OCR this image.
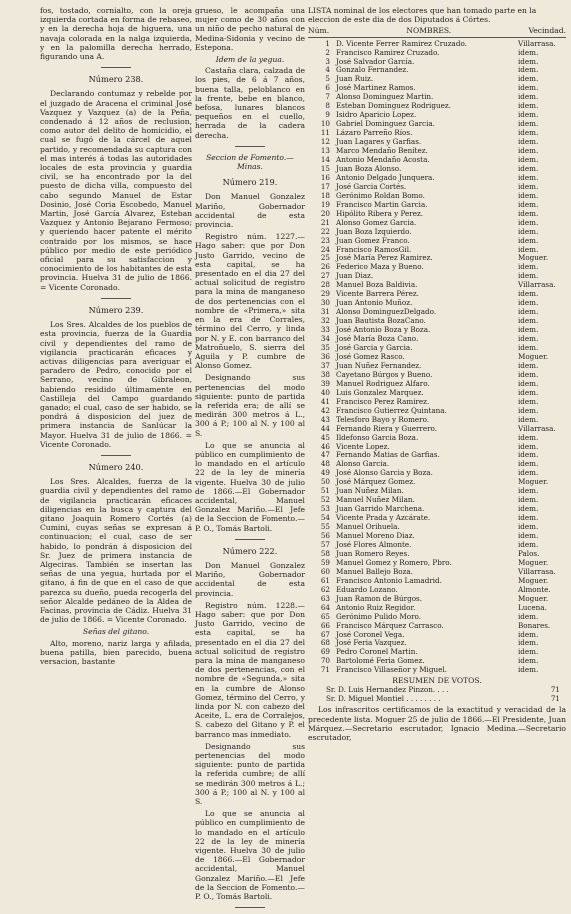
fos, tostado, cornialto, con la oreja izquierda cortada en forma de rebaseo, y en la derecha hoja de higuera, una navaja colorada en la nalga izquierda, y en la palomilla derecha herrado, figurando una A.

Número 238.

Declarando contumaz y rebelde por el juzgado de Aracena el criminal José Vazquez y Vazquez (a) de la Peña, condenado á 12 años de reclusion, como autor del delito de homicidio, el cual se fugó de la cárcel de aquel partido, y recomendada su captura con el mas interés á todas las autoridades locales de esta provincia y guardia civil, se ha encontrado por la del puesto de dicha villa, compuesto del cabo segundo Manuel de Estar Dosinio, José Coria Escobedo, Manuel Martin, José García Alvarez, Esteban Vazquez y Antonio Bejarano Fermoso; y queriendo hacer patente el mérito contraido por los mismos, se hace público por medio de este periódico oficial para su satisfaccion y conocimiento de los habitantes de esta provincia. Huelva 31 de julio de 1866. = Vicente Coronado.

Número 239.

Los Sres. Alcaldes de los pueblos de esta provincia, fuerza de la Guardia civil y dependientes del ramo de vigilancia practicarán eficaces y activas diligencias para averiguar el paradero de Pedro, conocido por el Serrano, vecino de Gibraleon, habiendo residido últimamente en Castilleja del Campo guardando ganado; el cual, caso de ser habido, se pondrá á disposicion del juez de primera instancia de Sanlúcar la Mayor. Huelva 31 de julio de 1866. = Vicente Coronado.

Número 240.

Los Sres. Alcaldes, fuerza de la guardia civil y dependientes del ramo de vigilancia practicarán eficaces diligencias en la busca y captura del gitano Joaquin Romero Cortés (a) Cumini, cuyas señas se expresan á continuacion; el cual, caso de ser habido, lo pondrán á disposicion del Sr. Juez de primera instancia de Algeciras. También se insertan las señas de una yegua, hurtada por el gitano, á fin de que en el caso de que parezca su dueño, pueda recogerla del señor Alcalde pedáneo de la Aldea de Facinas, provincia de Cádiz. Huelva 31 de julio de 1866. = Vicente Coronado.

Señas del gitano.

Alto, moreno, nariz larga y afilada, buena patilla, bien parecido, buena versacion, bastante

grueso, le acompaña una mujer como de 30 años con un niño de pecho natural de Medina-Sidonia y vecino de Estepona.

Idem de la yegua.

Castaña clara, calzada de los pies, de 6 á 7 años, buena talla, peloblanco en la frente, bebe en blanco, befosa, lunares blancos pequeños en el cuello, herrada de la cadera derecha.

Seccion de Fomento.—Minas.
Número 219.

Don Manuel Gonzalez Mariño, Gobernador accidental de esta provincia.

Registro núm. 1227.—Hago saber: que por Don Justo Garrido, vecino de esta capital, se ha presentado en el dia 27 del actual solicitud de registro para la mina de manganeso de dos pertenencias con el nombre de «Primera,» sita en la era de Corrales, término del Cerro, y linda por N. y E. con barranco del Matroñuelo, S. sierra del Aguila y P. cumbre de Alonso Gomez.

Designando sus pertenencias del modo siguiente: punto de partida la referida era; de allí se medirán 300 metros á L., 300 á P.; 100 al N. y 100 al S.

Lo que se anuncia al público en cumplimiento de lo mandado en el artículo 22 de la ley de minería vigente. Huelva 30 de julio de 1866.—El Gobernador accidental, Manuel Gonzalez Mariño.—El Jefe de la Seccion de Fomento.—P. O., Tomás Bartoli.

Número 222.

Don Manuel Gonzalez Mariño, Gobernador accidental de esta provincia.

Registro núm. 1228.—Hago saber: que por Don Justo Garrido, vecino de esta capital, se ha presentado en el dia 27 del actual solicitud de registro para la mina de manganeso de dos pertenencias, con el nombre de «Segunda,» sita en la cumbre de Alonso Gomez, término del Cerro, y linda por N. con cabezo del Aceite, L. era de Corralejos, S. cabezo del Gitano y P. el barranco mas inmediato.

Designando sus pertenencias del modo siguiente: punto de partida la referida cumbre; de allí se medirán 300 metros á L.; 300 á P.; 100 al N. y 100 al S.

Lo que se anuncia al público en cumplimiento de lo mandado en el artículo 22 de la ley de minería vigente. Huelva 30 de julio de 1866.—El Gobernador accidental, Manuel Gonzalez Mariño.—El Jefe de la Seccion de Fomento.—P. O., Tomás Bartoli.

LISTA nominal de los electores que han tomado parte en la eleccion de este dia de dos Diputados á Córtes.
Núm.	NOMBRES.	Vecindad.
1 D. Vicente Ferrer Ramirez Cruzado.	Villarrasa.
2 Francisco Ramirez Cruzado.	idem.
3 José Salvador García.	idem.
4 Gonzalo Fernandez.	idem.
5 Juan Ruiz.	idem.
6 José Martinez Ramos.	idem.
7 Alonso Dominguez Martin.	idem.
8 Esteban Dominguez Rodriguez.	idem.
9 Isidro Aparicio Lopez.	idem.
10 Gabriel Dominguez Garcia.	idem.
11 Lázaro Parreño Ríos.	idem.
12 Juan Lagares y Garfias.	idem.
13 Marco Mendaño Benítez.	idem.
14 Antonio Mendaño Acosta.	idem.
15 Juan Boza Alonso.	idem.
16 Antonio Delgado Junquera.	idem.
17 José Garcia Cortés.	idem.
18 Gerónimo Roldan Bomo.	idem.
19 Francisco Martin Garcia.	idem.
20 Hipólito Ribera y Perez.	idem.
21 Alonso Gomez Garcia.	idem.
22 Juan Boza Izquierdo.	idem.
23 Juan Gomez Franco.	idem.
24 Francisco RamosGil.	idem.
25 José María Perez Ramirez.	Moguer.
26 Federico Maza y Bueno.	idem.
27 Juan Diaz.	idem.
28 Manuel Boza Baldivia.	Villarrasa.
29 Vicente Barrera Pérez.	idem.
30 Juan Antonio Muñoz.	idem.
31 Alonso DominguezDelgado.	idem.
32 Juan Bautista BozaCano.	idem.
33 José Antonio Boza y Boza.	idem.
34 José María Boza Cano.	idem.
35 José Garcia y Garcia.	idem.
36 José Gomez Rasco.	Moguer.
37 Juan Nuñez Fernandez.	idem.
38 Cayetano Búrgos y Bueno.	idem.
39 Manuel Rodriguez Alfaro.	idem.
40 Luis Gonzalez Marquez.	idem.
41 Francisco Perez Ramirez.	idem.
42 Francisco Gutierrez Quintana.	idem.
43 Telesforo Bayo y Romero.	idem.
44 Fernando Riera y Guerrero.	Villarrasa.
45 Ildefonso Garcia Boza.	idem.
46 Vicente Lopez.	idem.
47 Fernando Matias de Garfias.	idem.
48 Alonso Garcia.	idem.
49 José Alonso Garcia y Boza.	idem.
50 José Márquez Gomez.	Moguer.
51 Juan Nuñez Milan.	idem.
52 Manuel Nuñez Milan.	idem.
53 Juan Garrido Marchena.	idem.
54 Vicente Prada y Azcárate.	idem.
55 Manuel Orihuela.	idem.
56 Manuel Moreno Diaz.	idem.
57 José Flores Almonte.	idem.
58 Juan Romero Reyes.	Palos.
59 Manuel Gomez y Romero, Pbro.	Moguer.
60 Manuel Ballejo Boza.	Villarrasa.
61 Francisco Antonio Lamadrid.	Moguer.
62 Eduardo Lozano.	Almonte.
63 Juan Ramon de Búrgos.	Moguer.
64 Antonio Ruiz Regidor.	Lucena.
65 Gerónimo Pulido Moro.	idem.
66 Francisco Márquez Carrasco.	Bonares.
67 José Coronel Vega.	idem.
68 José Feria Vazquez.	idem.
69 Pedro Coronel Martin.	idem.
70 Bartolomé Feria Gomez.	idem.
71 Francisco Villaseñor y Miguel.	idem.
RESUMEN DE VOTOS.
Sr. D. Luis Hernandez Pinzon. . . .	71
Sr. D. Miguel Montiel . . . . . . . .	71

Los infrascritos certificamos de la exactitud y veracidad de la precedente lista. Moguer 25 de julio de 1866.—El Presidente, Juan Márquez.—Secretario escrutador, Ignacio Medina.—Secretario escrutador,
